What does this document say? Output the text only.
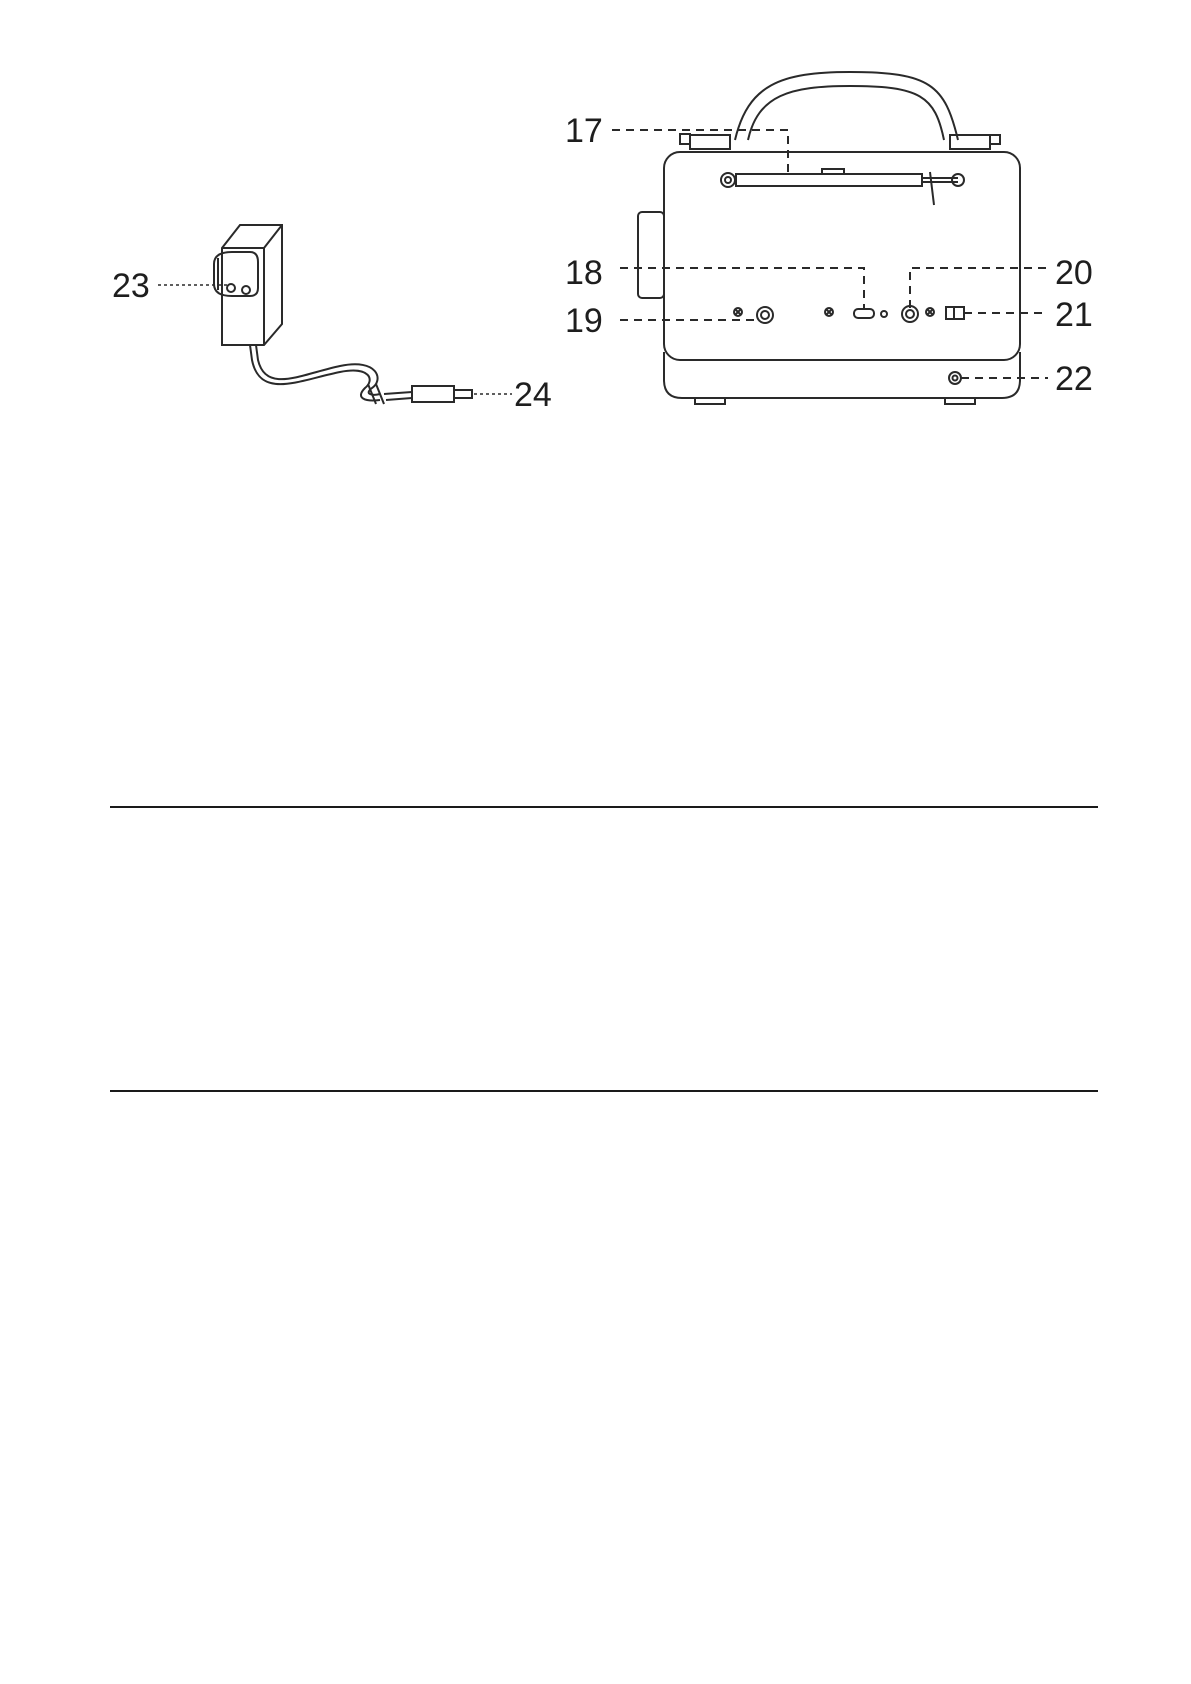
17
18
19
20
21
22
23
24
